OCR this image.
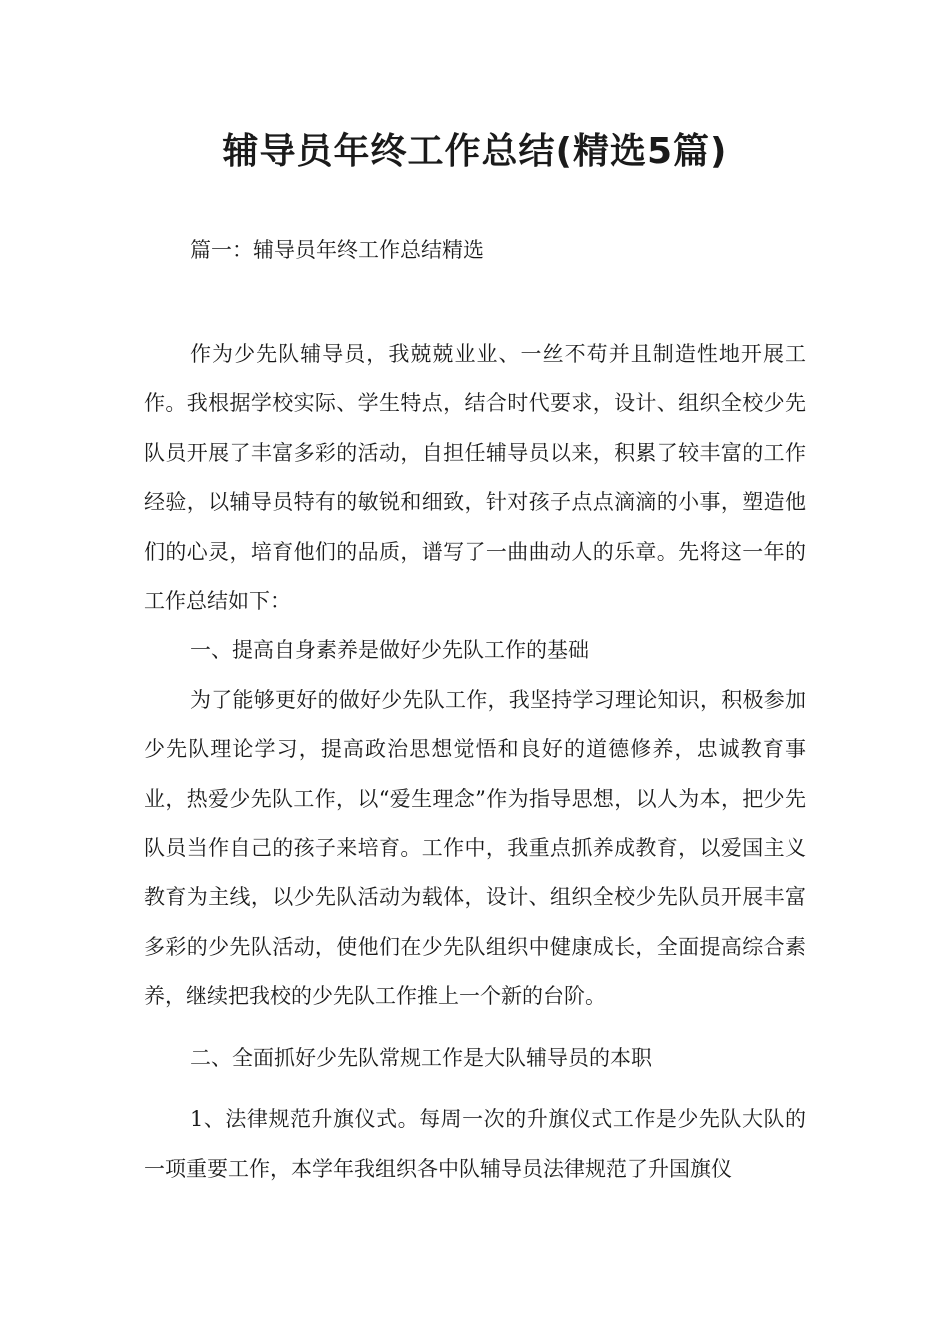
辅导员年终工作总结(精选5篇)
篇一：辅导员年终工作总结精选

作为少先队辅导员，我兢兢业业、一丝不苟并且制造性地开展工作。我根据学校实际、学生特点，结合时代要求，设计、组织全校少先队员开展了丰富多彩的活动，自担任辅导员以来，积累了较丰富的工作经验，以辅导员特有的敏锐和细致，针对孩子点点滴滴的小事，塑造他们的心灵，培育他们的品质，谱写了一曲曲动人的乐章。先将这一年的工作总结如下：

一、提高自身素养是做好少先队工作的基础

为了能够更好的做好少先队工作，我坚持学习理论知识，积极参加少先队理论学习，提高政治思想觉悟和良好的道德修养，忠诚教育事业，热爱少先队工作，以“爱生理念”作为指导思想，以人为本，把少先队员当作自己的孩子来培育。工作中，我重点抓养成教育，以爱国主义教育为主线，以少先队活动为载体，设计、组织全校少先队员开展丰富多彩的少先队活动，使他们在少先队组织中健康成长，全面提高综合素养，继续把我校的少先队工作推上一个新的台阶。

二、全面抓好少先队常规工作是大队辅导员的本职

1、法律规范升旗仪式。每周一次的升旗仪式工作是少先队大队的一项重要工作，本学年我组织各中队辅导员法律规范了升国旗仪
